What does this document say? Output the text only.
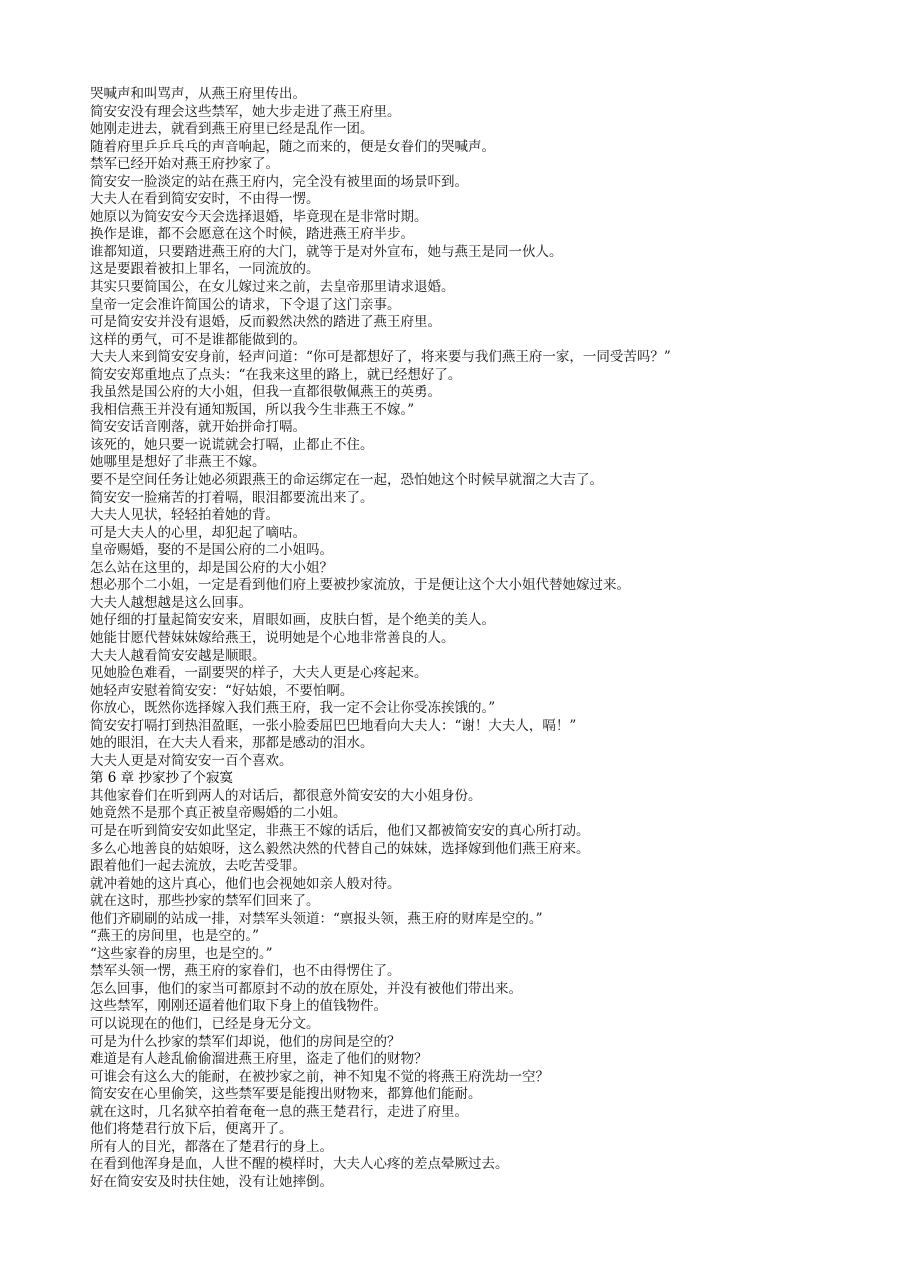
哭喊声和叫骂声，从燕王府里传出。
简安安没有理会这些禁军，她大步走进了燕王府里。
她刚走进去，就看到燕王府里已经是乱作一团。
随着府里乒乒乓乓的声音响起，随之而来的，便是女眷们的哭喊声。
禁军已经开始对燕王府抄家了。
简安安一脸淡定的站在燕王府内，完全没有被里面的场景吓到。
大夫人在看到简安安时，不由得一愣。
她原以为简安安今天会选择退婚，毕竟现在是非常时期。
换作是谁，都不会愿意在这个时候，踏进燕王府半步。
谁都知道，只要踏进燕王府的大门，就等于是对外宣布，她与燕王是同一伙人。
这是要跟着被扣上罪名，一同流放的。
其实只要简国公，在女儿嫁过来之前，去皇帝那里请求退婚。
皇帝一定会准许简国公的请求，下令退了这门亲事。
可是简安安并没有退婚，反而毅然决然的踏进了燕王府里。
这样的勇气，可不是谁都能做到的。
大夫人来到简安安身前，轻声问道：“你可是都想好了，将来要与我们燕王府一家，一同受苦吗？”
简安安郑重地点了点头：“在我来这里的路上，就已经想好了。
我虽然是国公府的大小姐，但我一直都很敬佩燕王的英勇。
我相信燕王并没有通知叛国，所以我今生非燕王不嫁。”
简安安话音刚落，就开始拼命打嗝。
该死的，她只要一说谎就会打嗝，止都止不住。
她哪里是想好了非燕王不嫁。
要不是空间任务让她必须跟燕王的命运绑定在一起，恐怕她这个时候早就溜之大吉了。
简安安一脸痛苦的打着嗝，眼泪都要流出来了。
大夫人见状，轻轻拍着她的背。
可是大夫人的心里，却犯起了嘀咕。
皇帝赐婚，娶的不是国公府的二小姐吗。
怎么站在这里的，却是国公府的大小姐？
想必那个二小姐，一定是看到他们府上要被抄家流放，于是便让这个大小姐代替她嫁过来。
大夫人越想越是这么回事。
她仔细的打量起简安安来，眉眼如画，皮肤白皙，是个绝美的美人。
她能甘愿代替妹妹嫁给燕王，说明她是个心地非常善良的人。
大夫人越看简安安越是顺眼。
见她脸色难看，一副要哭的样子，大夫人更是心疼起来。
她轻声安慰着简安安：“好姑娘，不要怕啊。
你放心，既然你选择嫁入我们燕王府，我一定不会让你受冻挨饿的。”
简安安打嗝打到热泪盈眶，一张小脸委屈巴巴地看向大夫人：“谢！大夫人，嗝！”
她的眼泪，在大夫人看来，那都是感动的泪水。
大夫人更是对简安安一百个喜欢。
第 6 章 抄家抄了个寂寞
其他家眷们在听到两人的对话后，都很意外简安安的大小姐身份。
她竟然不是那个真正被皇帝赐婚的二小姐。
可是在听到简安安如此坚定，非燕王不嫁的话后，他们又都被简安安的真心所打动。
多么心地善良的姑娘呀，这么毅然决然的代替自己的妹妹，选择嫁到他们燕王府来。
跟着他们一起去流放，去吃苦受罪。
就冲着她的这片真心，他们也会视她如亲人般对待。
就在这时，那些抄家的禁军们回来了。
他们齐刷刷的站成一排，对禁军头领道：“禀报头领，燕王府的财库是空的。”
“燕王的房间里，也是空的。”
“这些家眷的房里，也是空的。”
禁军头领一愣，燕王府的家眷们，也不由得愣住了。
怎么回事，他们的家当可都原封不动的放在原处，并没有被他们带出来。
这些禁军，刚刚还逼着他们取下身上的值钱物件。
可以说现在的他们，已经是身无分文。
可是为什么抄家的禁军们却说，他们的房间是空的？
难道是有人趁乱偷偷溜进燕王府里，盗走了他们的财物？
可谁会有这么大的能耐，在被抄家之前，神不知鬼不觉的将燕王府洗劫一空？
简安安在心里偷笑，这些禁军要是能搜出财物来，都算他们能耐。
就在这时，几名狱卒拍着奄奄一息的燕王楚君行，走进了府里。
他们将楚君行放下后，便离开了。
所有人的目光，都落在了楚君行的身上。
在看到他浑身是血，人世不醒的模样时，大夫人心疼的差点晕厥过去。
好在简安安及时扶住她，没有让她摔倒。
